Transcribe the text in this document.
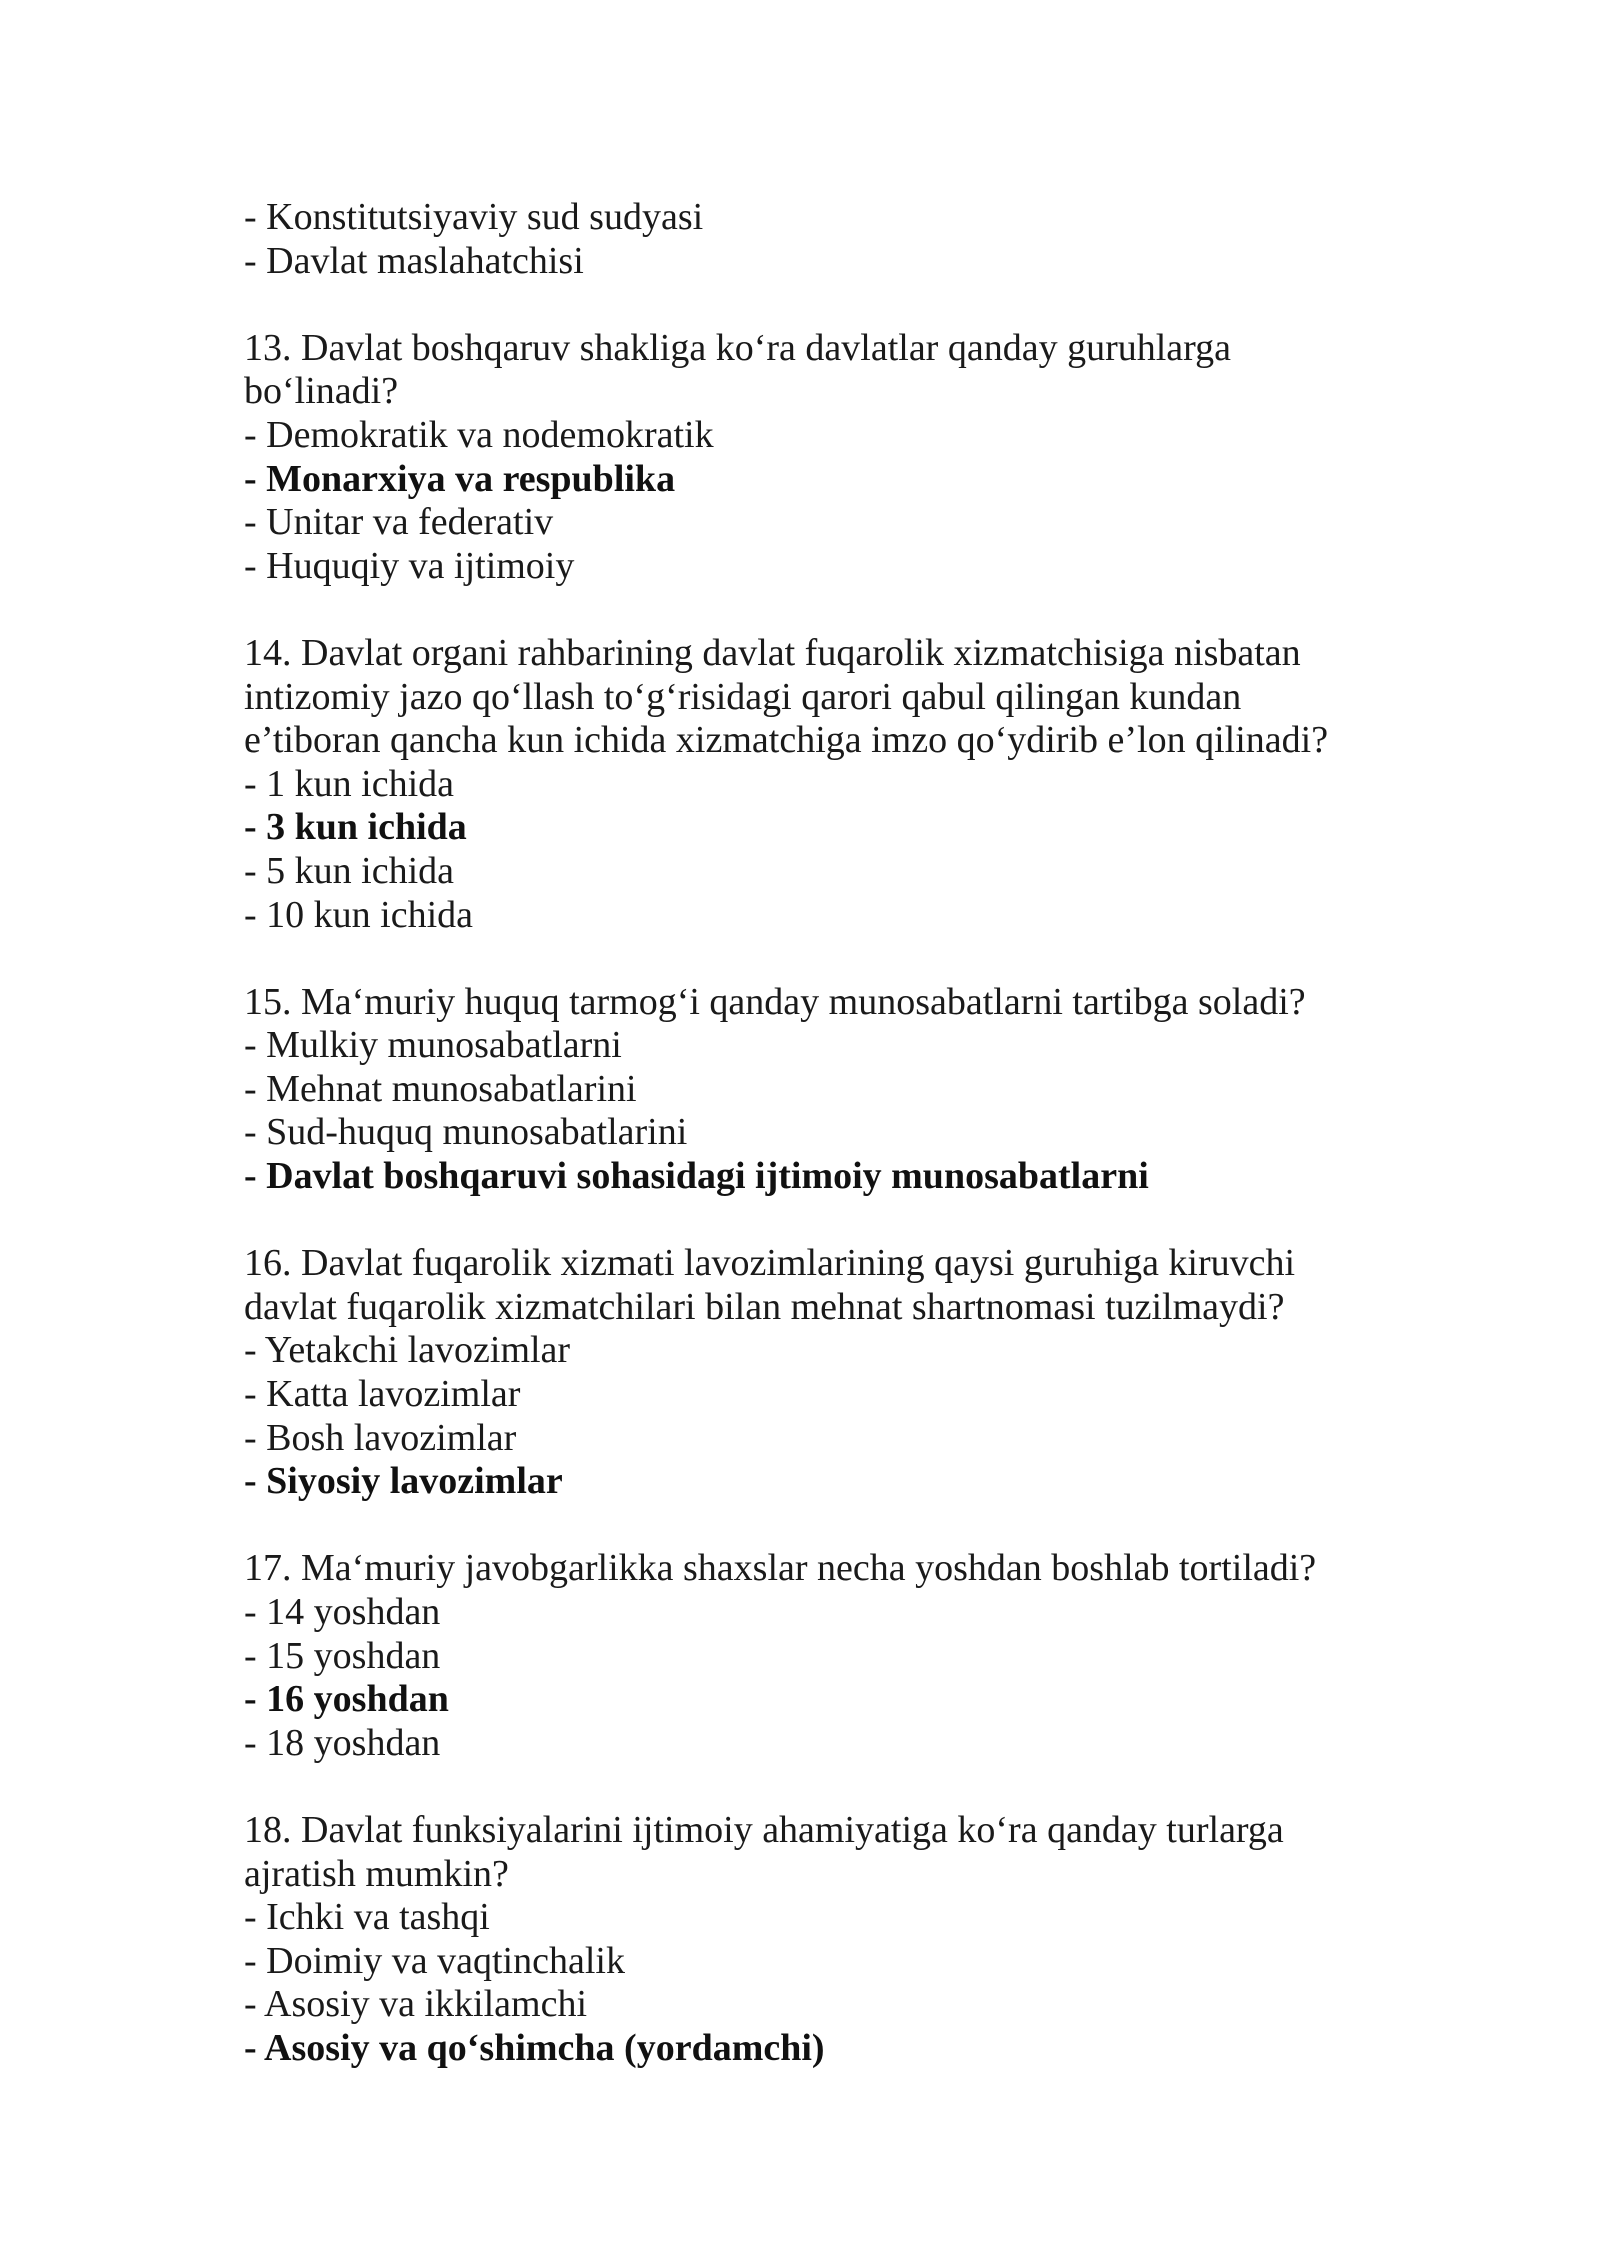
- Konstitutsiyaviy sud sudyasi
- Davlat maslahatchisi
13. Davlat boshqaruv shakliga ko‘ra davlatlar qanday guruhlarga
bo‘linadi?
- Demokratik va nodemokratik
- Monarxiya va respublika
- Unitar va federativ
- Huquqiy va ijtimoiy
14. Davlat organi rahbarining davlat fuqarolik xizmatchisiga nisbatan
intizomiy jazo qo‘llash to‘g‘risidagi qarori qabul qilingan kundan
e’tiboran qancha kun ichida xizmatchiga imzo qo‘ydirib e’lon qilinadi?
- 1 kun ichida
- 3 kun ichida
- 5 kun ichida
- 10 kun ichida
15. Ma‘muriy huquq tarmog‘i qanday munosabatlarni tartibga soladi?
- Mulkiy munosabatlarni
- Mehnat munosabatlarini
- Sud-huquq munosabatlarini
- Davlat boshqaruvi sohasidagi ijtimoiy munosabatlarni
16. Davlat fuqarolik xizmati lavozimlarining qaysi guruhiga kiruvchi
davlat fuqarolik xizmatchilari bilan mehnat shartnomasi tuzilmaydi?
- Yetakchi lavozimlar
- Katta lavozimlar
- Bosh lavozimlar
- Siyosiy lavozimlar
17. Ma‘muriy javobgarlikka shaxslar necha yoshdan boshlab tortiladi?
- 14 yoshdan
- 15 yoshdan
- 16 yoshdan
- 18 yoshdan
18. Davlat funksiyalarini ijtimoiy ahamiyatiga ko‘ra qanday turlarga
ajratish mumkin?
- Ichki va tashqi
- Doimiy va vaqtinchalik
- Asosiy va ikkilamchi
- Asosiy va qo‘shimcha (yordamchi)
